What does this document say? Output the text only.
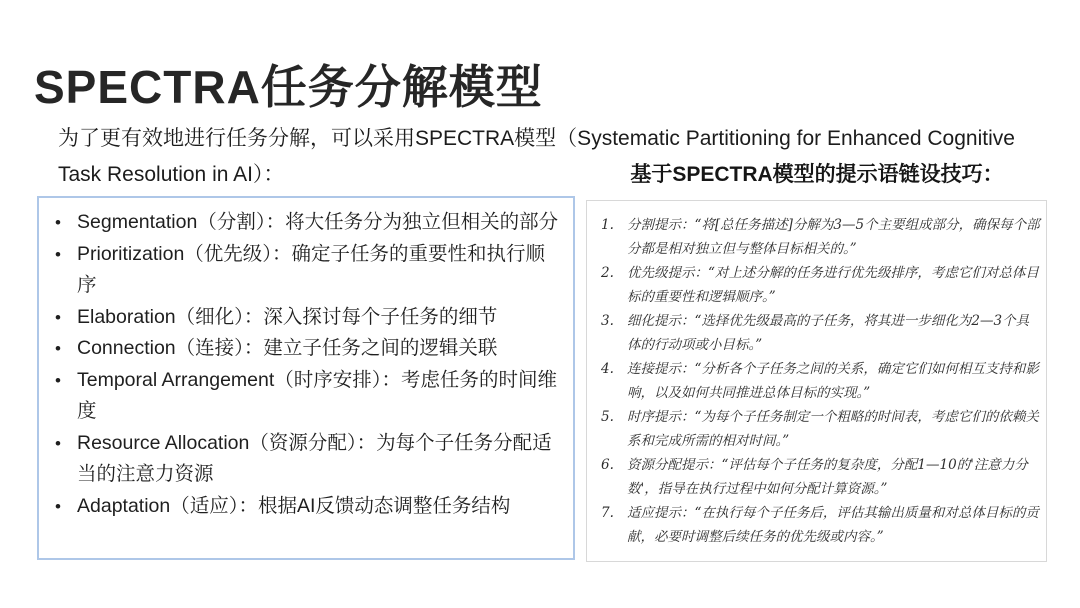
SPECTRA任务分解模型

为了更有效地进行任务分解，可以采用SPECTRA模型（Systematic Partitioning for Enhanced Cognitive Task Resolution in AI）：	基于SPECTRA模型的提示语链设技巧：
• Segmentation（分割）：将大任务分为独立但相关的部分
• Prioritization（优先级）：确定子任务的重要性和执行顺序
• Elaboration（细化）：深入探讨每个子任务的细节
• Connection（连接）：建立子任务之间的逻辑关联
• Temporal Arrangement（时序安排）：考虑任务的时间维度
• Resource Allocation（资源分配）：为每个子任务分配适当的注意力资源
• Adaptation（适应）：根据AI反馈动态调整任务结构
1. 分割提示：“将[总任务描述]分解为3—5个主要组成部分，确保每个部分都是相对独立但与整体目标相关的。”
2. 优先级提示：“对上述分解的任务进行优先级排序，考虑它们对总体目标的重要性和逻辑顺序。”
3. 细化提示：“选择优先级最高的子任务，将其进一步细化为2—3个具体的行动项或小目标。”
4. 连接提示：“分析各个子任务之间的关系，确定它们如何相互支持和影响，以及如何共同推进总体目标的实现。”
5. 时序提示：“为每个子任务制定一个粗略的时间表，考虑它们的依赖关系和完成所需的相对时间。”
6. 资源分配提示：“评估每个子任务的复杂度，分配1—10的'注意力分数'，指导在执行过程中如何分配计算资源。”
7. 适应提示：“在执行每个子任务后，评估其输出质量和对总体目标的贡献，必要时调整后续任务的优先级或内容。”
